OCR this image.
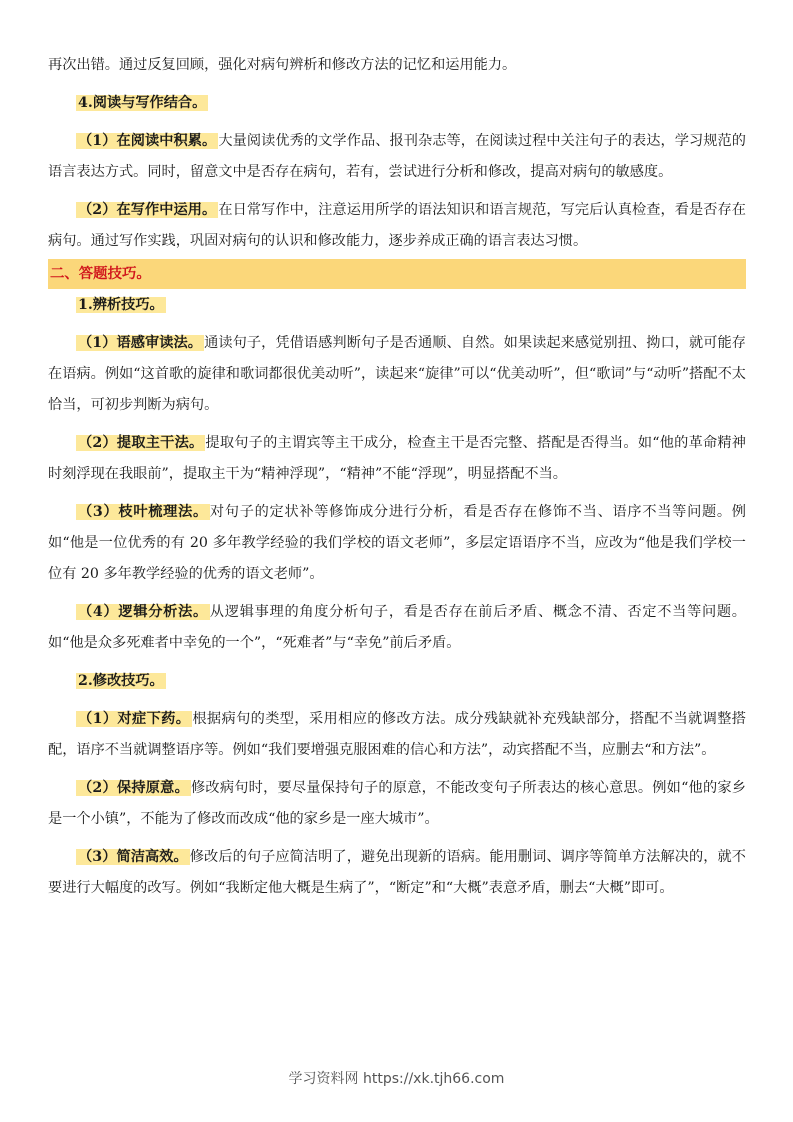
再次出错。通过反复回顾，强化对病句辨析和修改方法的记忆和运用能力。

4.阅读与写作结合。

（1）在阅读中积累。 大量阅读优秀的文学作品、报刊杂志等，在阅读过程中关注句子的表达，学习规范的语言表达方式。同时，留意文中是否存在病句，若有，尝试进行分析和修改，提高对病句的敏感度。

（2）在写作中运用。 在日常写作中，注意运用所学的语法知识和语言规范，写完后认真检查，看是否存在病句。通过写作实践，巩固对病句的认识和修改能力，逐步养成正确的语言表达习惯。

二、答题技巧。

1.辨析技巧。

（1）语感审读法。 通读句子，凭借语感判断句子是否通顺、自然。如果读起来感觉别扭、拗口，就可能存在语病。例如“这首歌的旋律和歌词都很优美动听”，读起来“旋律”可以“优美动听”，但“歌词”与“动听”搭配不太恰当，可初步判断为病句。

（2）提取主干法。 提取句子的主谓宾等主干成分，检查主干是否完整、搭配是否得当。如“他的革命精神时刻浮现在我眼前”，提取主干为“精神浮现”，“精神”不能“浮现”，明显搭配不当。

（3）枝叶梳理法。 对句子的定状补等修饰成分进行分析，看是否存在修饰不当、语序不当等问题。例如“他是一位优秀的有 20 多年教学经验的我们学校的语文老师”，多层定语语序不当，应改为“他是我们学校一位有 20 多年教学经验的优秀的语文老师”。

（4）逻辑分析法。 从逻辑事理的角度分析句子，看是否存在前后矛盾、概念不清、否定不当等问题。如“他是众多死难者中幸免的一个”，“死难者”与“幸免”前后矛盾。

2.修改技巧。

（1）对症下药。 根据病句的类型，采用相应的修改方法。成分残缺就补充残缺部分，搭配不当就调整搭配，语序不当就调整语序等。例如“我们要增强克服困难的信心和方法”，动宾搭配不当，应删去“和方法”。

（2）保持原意。 修改病句时，要尽量保持句子的原意，不能改变句子所表达的核心意思。例如“他的家乡是一个小镇”，不能为了修改而改成“他的家乡是一座大城市”。

（3）简洁高效。 修改后的句子应简洁明了，避免出现新的语病。能用删词、调序等简单方法解决的，就不要进行大幅度的改写。例如“我断定他大概是生病了”，“断定”和“大概”表意矛盾，删去“大概”即可。

学习资料网 https://xk.tjh66.com
